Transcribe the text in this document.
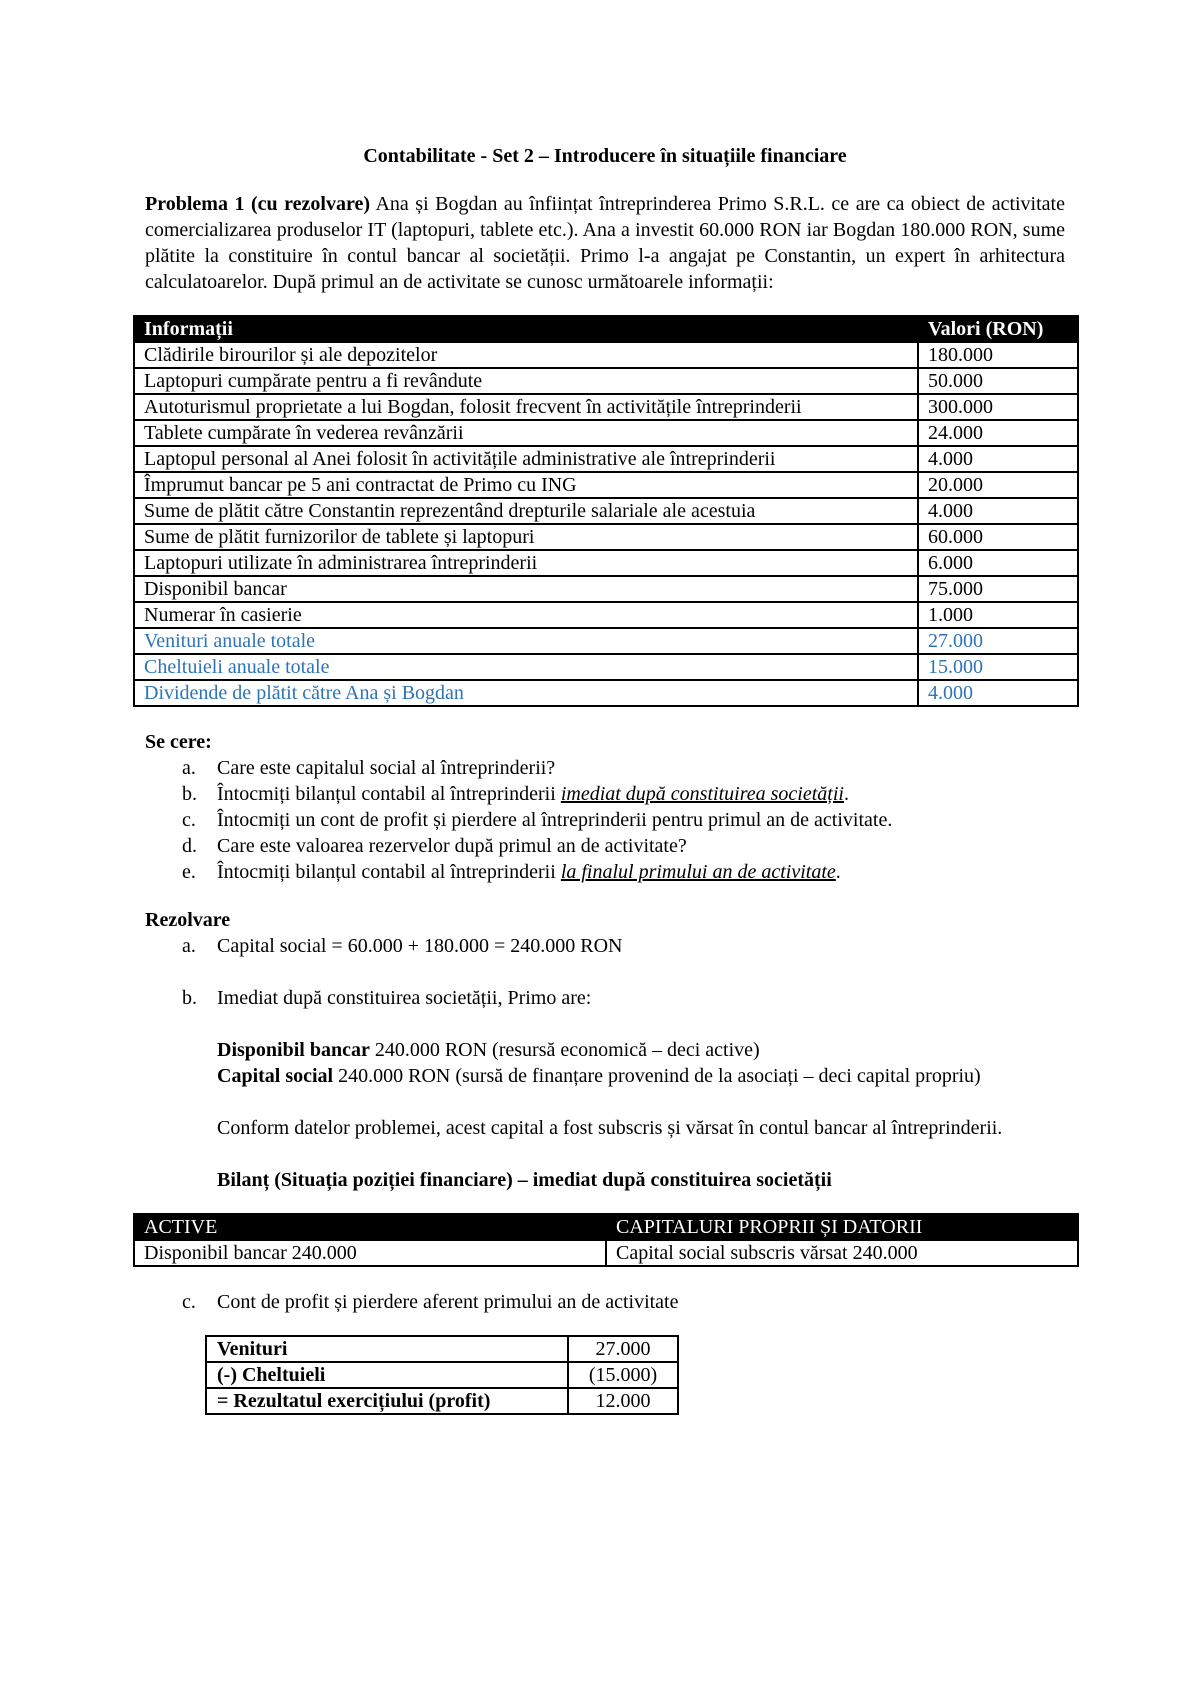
Contabilitate - Set 2 – Introducere în situațiile financiare

Problema 1 (cu rezolvare) Ana și Bogdan au înființat întreprinderea Primo S.R.L. ce are ca obiect de activitate comercializarea produselor IT (laptopuri, tablete etc.). Ana a investit 60.000 RON iar Bogdan 180.000 RON, sume plătite la constituire în contul bancar al societății. Primo l-a angajat pe Constantin, un expert în arhitectura calculatoarelor. După primul an de activitate se cunosc următoarele informații:

Informații	Valori (RON)
Clădirile birourilor și ale depozitelor	180.000
Laptopuri cumpărate pentru a fi revândute	50.000
Autoturismul proprietate a lui Bogdan, folosit frecvent în activitățile întreprinderii	300.000
Tablete cumpărate în vederea revânzării	24.000
Laptopul personal al Anei folosit în activitățile administrative ale întreprinderii	4.000
Împrumut bancar pe 5 ani contractat de Primo cu ING	20.000
Sume de plătit către Constantin reprezentând drepturile salariale ale acestuia	4.000
Sume de plătit furnizorilor de tablete și laptopuri	60.000
Laptopuri utilizate în administrarea întreprinderii	6.000
Disponibil bancar	75.000
Numerar în casierie	1.000
Venituri anuale totale	27.000
Cheltuieli anuale totale	15.000
Dividende de plătit către Ana și Bogdan	4.000

Se cere:

a. Care este capitalul social al întreprinderii?
b. Întocmiți bilanțul contabil al întreprinderii imediat după constituirea societății.
c. Întocmiți un cont de profit și pierdere al întreprinderii pentru primul an de activitate.
d. Care este valoarea rezervelor după primul an de activitate?
e. Întocmiți bilanțul contabil al întreprinderii la finalul primului an de activitate.

Rezolvare

a. Capital social = 60.000 + 180.000 = 240.000 RON
b. Imediat după constituirea societății, Primo are:

Disponibil bancar 240.000 RON (resursă economică – deci active)

Capital social 240.000 RON (sursă de finanțare provenind de la asociați – deci capital propriu)

Conform datelor problemei, acest capital a fost subscris și vărsat în contul bancar al întreprinderii.

Bilanț (Situația poziției financiare) – imediat după constituirea societății

ACTIVE	CAPITALURI PROPRII ȘI DATORII
Disponibil bancar 240.000	Capital social subscris vărsat 240.000
c. Cont de profit și pierdere aferent primului an de activitate
Venituri	27.000
(-) Cheltuieli	(15.000)
= Rezultatul exercițiului (profit)	12.000
